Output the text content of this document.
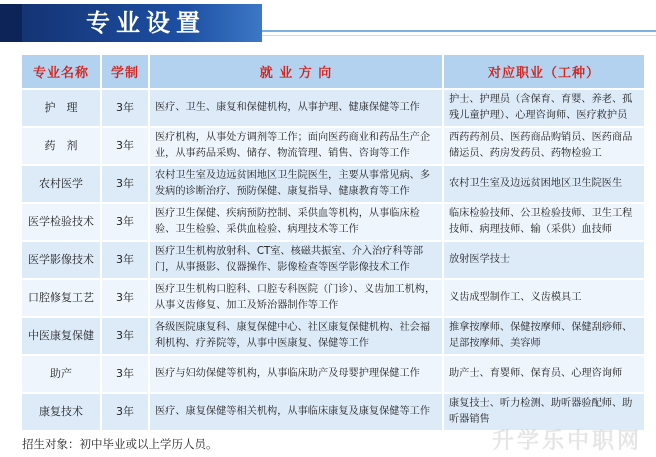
专业设置
专业名称	学制	就 业 方 向	对应职业（工种）
护　理	3年	医疗、卫生、康复和保健机构，从事护理、健康保健等工作	护士、护理员（含保育、育婴、养老、孤残儿童护理）、心理咨询师、医疗救护员
药　剂	3年	医疗机构，从事处方调剂等工作；面向医药商业和药品生产企业，从事药品采购、储存、物流管理、销售、咨询等工作	西药药剂员、医药商品购销员、医药商品储运员、药房发药员、药物检验工
农村医学	3年	农村卫生室及边远贫困地区卫生院医生，主要从事常见病、多发病的诊断治疗、预防保健、康复指导、健康教育等工作	农村卫生室及边远贫困地区卫生院医生
医学检验技术	3年	医疗卫生保健、疾病预防控制、采供血等机构，从事临床检验、卫生检验、采供血检验、病理技术等工作	临床检验技师、公卫检验技师、卫生工程技师、病理技师、输（采供）血技师
医学影像技术	3年	医疗卫生机构放射科、CT室、核磁共振室、介入治疗科等部门，从事摄影、仪器操作、影像检查等医学影像技术工作	放射医学技士
口腔修复工艺	3年	医疗卫生机构口腔科、口腔专科医院（门诊）、义齿加工机构，从事义齿修复、加工及矫治器制作等工作	义齿成型制作工、义齿模具工
中医康复保健	3年	各级医院康复科、康复保健中心、社区康复保健机构、社会福利机构、疗养院等，从事中医康复、保健等工作	推拿按摩师、保健按摩师、保健刮痧师、足部按摩师、美容师
助产	3年	医疗与妇幼保健等机构，从事临床助产及母婴护理保健工作	助产士、育婴师、保育员、心理咨询师
康复技术	3年	医疗、康复保健等相关机构，从事临床康复及康复保健等工作	康复技士、听力检测、助听器验配师、助听器销售
招生对象：初中毕业或以上学历人员。	升学乐中职网
